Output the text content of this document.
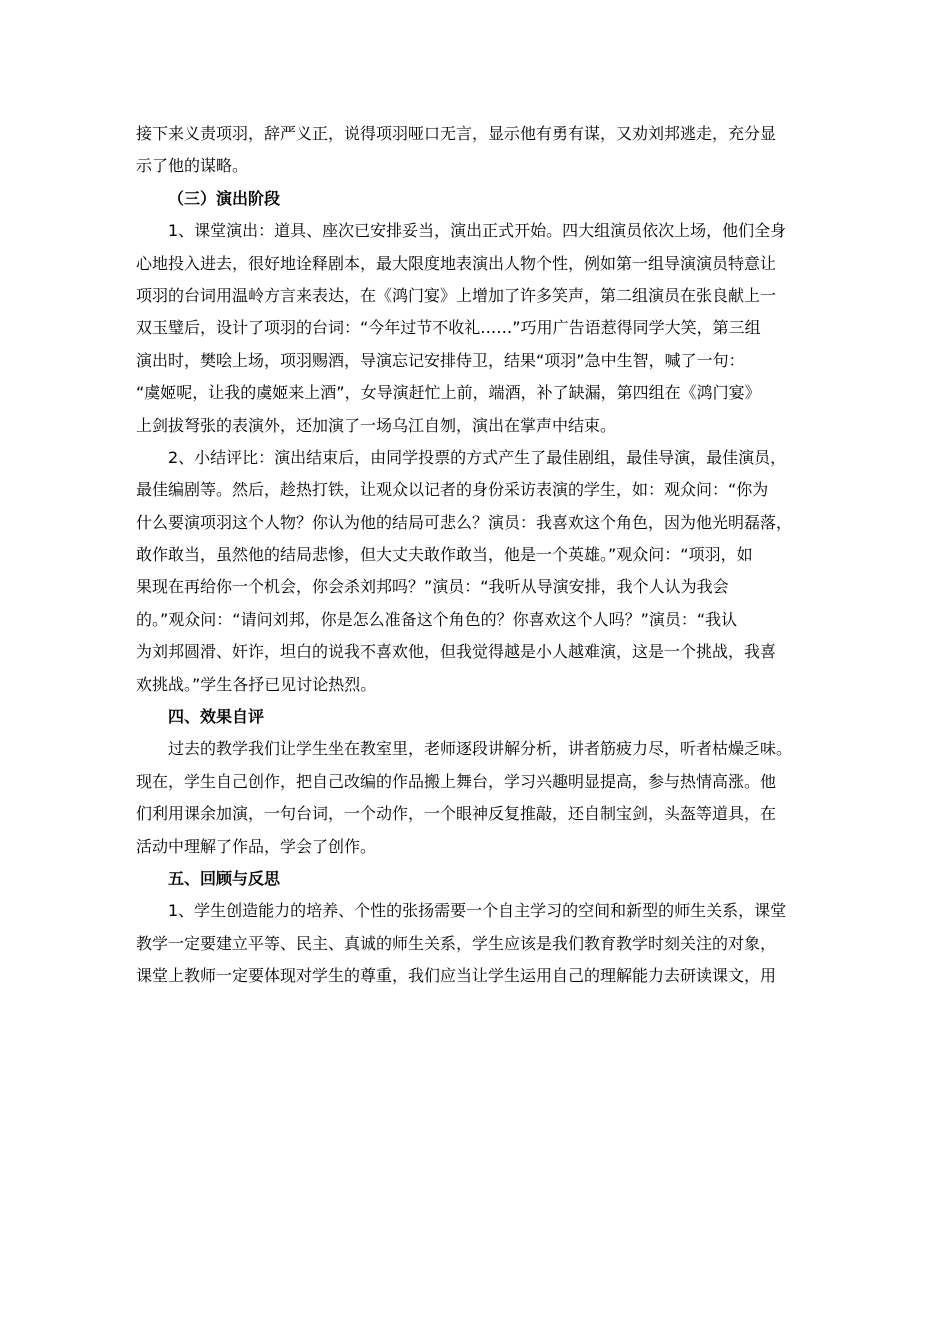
接下来义责项羽，辞严义正，说得项羽哑口无言，显示他有勇有谋，又劝刘邦逃走，充分显
示了他的谋略。
（三）演出阶段
1、课堂演出：道具、座次已安排妥当，演出正式开始。四大组演员依次上场，他们全身
心地投入进去，很好地诠释剧本，最大限度地表演出人物个性，例如第一组导演演员特意让
项羽的台词用温岭方言来表达，在《鸿门宴》上增加了许多笑声，第二组演员在张良献上一
双玉璧后，设计了项羽的台词：“今年过节不收礼……”巧用广告语惹得同学大笑，第三组
演出时，樊哙上场，项羽赐酒，导演忘记安排侍卫，结果“项羽”急中生智，喊了一句：
“虞姬呢，让我的虞姬来上酒”，女导演赶忙上前，端酒，补了缺漏，第四组在《鸿门宴》
上剑拔弩张的表演外，还加演了一场乌江自刎，演出在掌声中结束。
2、小结评比：演出结束后，由同学投票的方式产生了最佳剧组，最佳导演，最佳演员，
最佳编剧等。然后，趁热打铁，让观众以记者的身份采访表演的学生，如：观众问：“你为
什么要演项羽这个人物？你认为他的结局可悲么？演员：我喜欢这个角色，因为他光明磊落，
敢作敢当，虽然他的结局悲惨，但大丈夫敢作敢当，他是一个英雄。”观众问：“项羽，如
果现在再给你一个机会，你会杀刘邦吗？”演员：“我听从导演安排，我个人认为我会
的。”观众问：“请问刘邦，你是怎么准备这个角色的？你喜欢这个人吗？”演员：“我认
为刘邦圆滑、奸诈，坦白的说我不喜欢他，但我觉得越是小人越难演，这是一个挑战，我喜
欢挑战。”学生各抒已见讨论热烈。
四、效果自评
过去的教学我们让学生坐在教室里，老师逐段讲解分析，讲者筋疲力尽，听者枯燥乏味。
现在，学生自己创作，把自己改编的作品搬上舞台，学习兴趣明显提高，参与热情高涨。他
们利用课余加演，一句台词，一个动作，一个眼神反复推敲，还自制宝剑，头盔等道具，在
活动中理解了作品，学会了创作。
五、回顾与反思
1、学生创造能力的培养、个性的张扬需要一个自主学习的空间和新型的师生关系，课堂
教学一定要建立平等、民主、真诚的师生关系，学生应该是我们教育教学时刻关注的对象，
课堂上教师一定要体现对学生的尊重，我们应当让学生运用自己的理解能力去研读课文，用
